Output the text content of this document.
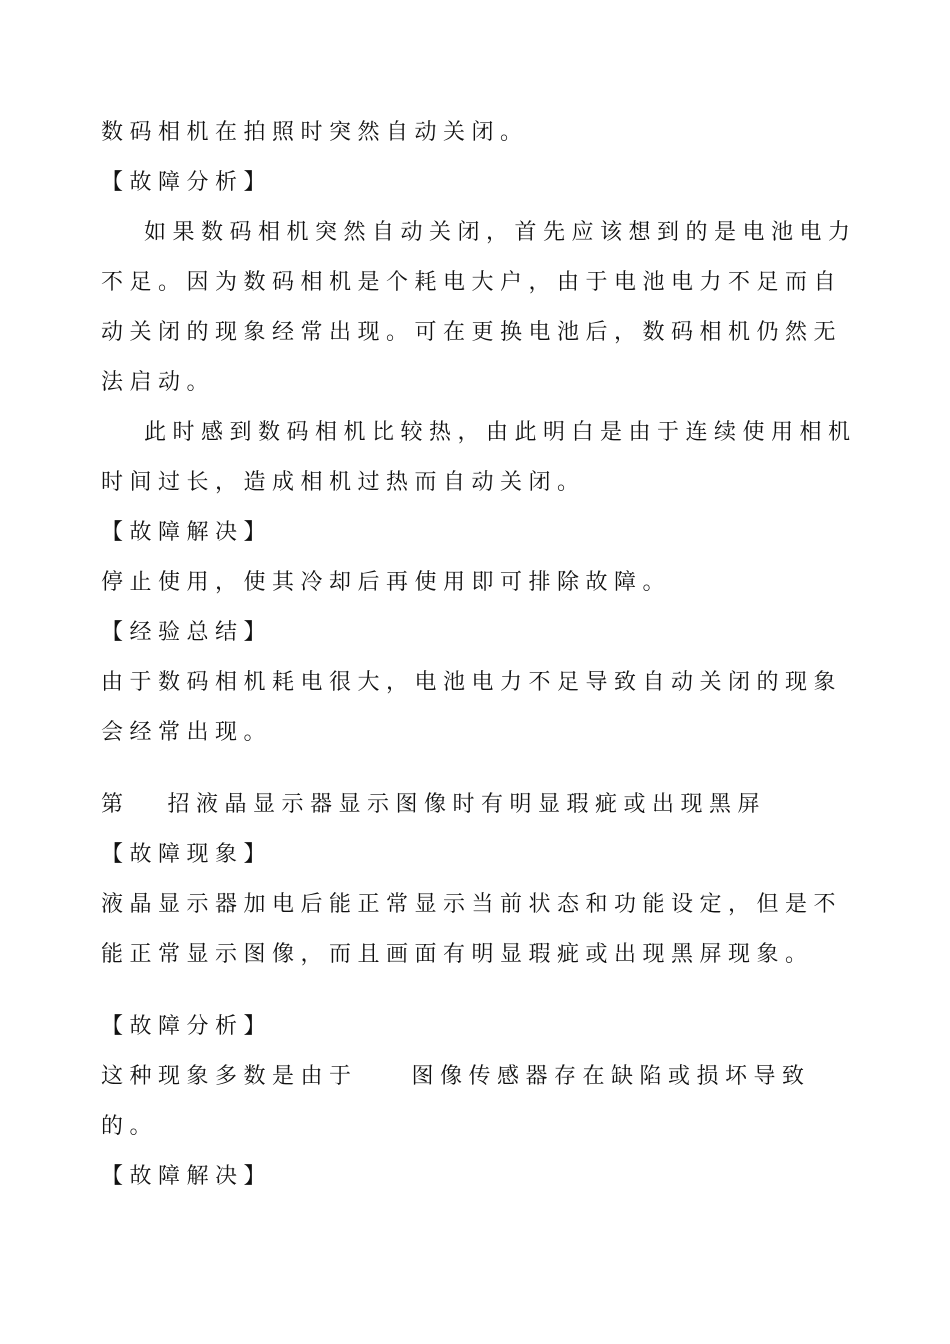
数码相机在拍照时突然自动关闭。
【故障分析】
如果数码相机突然自动关闭，首先应该想到的是电池电力
不足。因为数码相机是个耗电大户，由于电池电力不足而自
动关闭的现象经常出现。可在更换电池后，数码相机仍然无
法启动。
此时感到数码相机比较热，由此明白是由于连续使用相机
时间过长，造成相机过热而自动关闭。
【故障解决】
停止使用，使其冷却后再使用即可排除故障。
【经验总结】
由于数码相机耗电很大，电池电力不足导致自动关闭的现象
会经常出现。
第 招液晶显示器显示图像时有明显瑕疵或出现黑屏
【故障现象】
液晶显示器加电后能正常显示当前状态和功能设定，但是不
能正常显示图像，而且画面有明显瑕疵或出现黑屏现象。
【故障分析】
这种现象多数是由于 图像传感器存在缺陷或损坏导致
的。
【故障解决】
